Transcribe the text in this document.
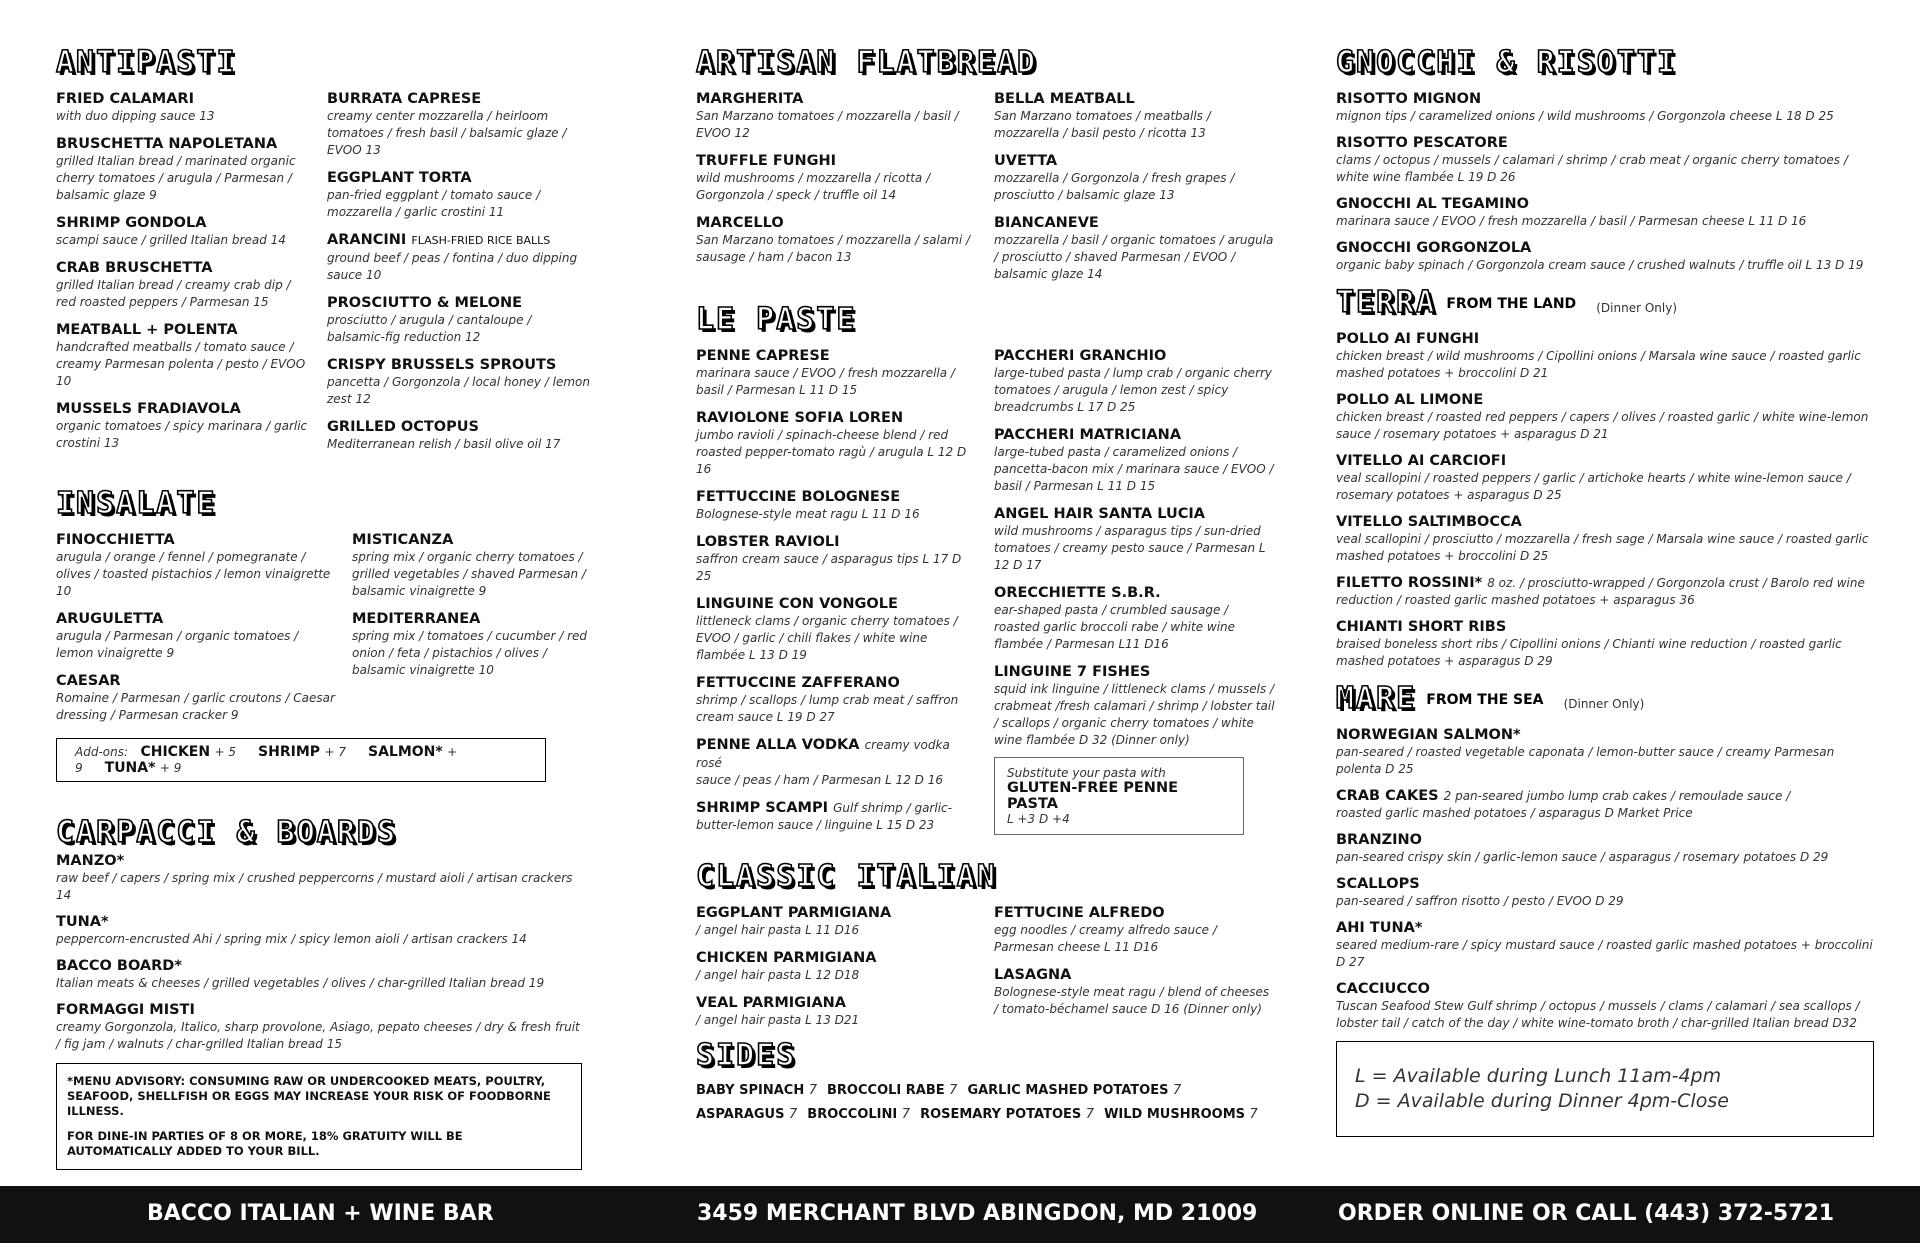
ANTIPASTI
FRIED CALAMARI
with duo dipping sauce 13
BRUSCHETTA NAPOLETANA
grilled Italian bread / marinated organic cherry tomatoes / arugula / Parmesan / balsamic glaze 9
SHRIMP GONDOLA
scampi sauce / grilled Italian bread 14
CRAB BRUSCHETTA
grilled Italian bread / creamy crab dip / red roasted peppers / Parmesan 15
MEATBALL + POLENTA
handcrafted meatballs / tomato sauce / creamy Parmesan polenta / pesto / EVOO 10
MUSSELS FRADIAVOLA
organic tomatoes / spicy marinara / garlic crostini 13
BURRATA CAPRESE
creamy center mozzarella / heirloom tomatoes / fresh basil / balsamic glaze / EVOO 13
EGGPLANT TORTA
pan-fried eggplant / tomato sauce / mozzarella / garlic crostini 11
ARANCINI FLASH-FRIED RICE BALLS
ground beef / peas / fontina / duo dipping sauce 10
PROSCIUTTO & MELONE
prosciutto / arugula / cantaloupe / balsamic-fig reduction 12
CRISPY BRUSSELS SPROUTS
pancetta / Gorgonzola / local honey / lemon zest 12
GRILLED OCTOPUS
Mediterranean relish / basil olive oil 17
INSALATE
FINOCCHIETTA
arugula / orange / fennel / pomegranate / olives / toasted pistachios / lemon vinaigrette 10
ARUGULETTA
arugula / Parmesan / organic tomatoes / lemon vinaigrette 9
CAESAR
Romaine / Parmesan / garlic croutons / Caesar dressing / Parmesan cracker 9
MISTICANZA
spring mix / organic cherry tomatoes / grilled vegetables / shaved Parmesan / balsamic vinaigrette 9
MEDITERRANEA
spring mix / tomatoes / cucumber / red onion / feta / pistachios / olives / balsamic vinaigrette 10
Add-ons: CHICKEN + 5 SHRIMP + 7 SALMON* + 9 TUNA* + 9
CARPACCI & BOARDS
MANZO*
raw beef / capers / spring mix / crushed peppercorns / mustard aioli / artisan crackers 14
TUNA*
peppercorn-encrusted Ahi / spring mix / spicy lemon aioli / artisan crackers 14
BACCO BOARD*
Italian meats & cheeses / grilled vegetables / olives / char-grilled Italian bread 19
FORMAGGI MISTI
creamy Gorgonzola, Italico, sharp provolone, Asiago, pepato cheeses / dry & fresh fruit / fig jam / walnuts / char-grilled Italian bread 15

*MENU ADVISORY: CONSUMING RAW OR UNDERCOOKED MEATS, POULTRY, SEAFOOD, SHELLFISH OR EGGS MAY INCREASE YOUR RISK OF FOODBORNE ILLNESS.

FOR DINE-IN PARTIES OF 8 OR MORE, 18% GRATUITY WILL BE AUTOMATICALLY ADDED TO YOUR BILL.

ARTISAN FLATBREAD
MARGHERITA
San Marzano tomatoes / mozzarella / basil / EVOO 12
TRUFFLE FUNGHI
wild mushrooms / mozzarella / ricotta / Gorgonzola / speck / truffle oil 14
MARCELLO
San Marzano tomatoes / mozzarella / salami / sausage / ham / bacon 13
BELLA MEATBALL
San Marzano tomatoes / meatballs / mozzarella / basil pesto / ricotta 13
UVETTA
mozzarella / Gorgonzola / fresh grapes / prosciutto / balsamic glaze 13
BIANCANEVE
mozzarella / basil / organic tomatoes / arugula / prosciutto / shaved Parmesan / EVOO / balsamic glaze 14
LE PASTE
PENNE CAPRESE
marinara sauce / EVOO / fresh mozzarella / basil / Parmesan L 11 D 15
RAVIOLONE SOFIA LOREN
jumbo ravioli / spinach-cheese blend / red roasted pepper-tomato ragù / arugula L 12 D 16
FETTUCCINE BOLOGNESE
Bolognese-style meat ragu L 11 D 16
LOBSTER RAVIOLI
saffron cream sauce / asparagus tips L 17 D 25
LINGUINE CON VONGOLE
littleneck clams / organic cherry tomatoes / EVOO / garlic / chili flakes / white wine flambée L 13 D 19
FETTUCCINE ZAFFERANO
shrimp / scallops / lump crab meat / saffron cream sauce L 19 D 27
PENNE ALLA VODKA creamy vodka rosé
sauce / peas / ham / Parmesan L 12 D 16
SHRIMP SCAMPI Gulf shrimp / garlic-
butter-lemon sauce / linguine L 15 D 23
PACCHERI GRANCHIO
large-tubed pasta / lump crab / organic cherry tomatoes / arugula / lemon zest / spicy breadcrumbs L 17 D 25
PACCHERI MATRICIANA
large-tubed pasta / caramelized onions / pancetta-bacon mix / marinara sauce / EVOO / basil / Parmesan L 11 D 15
ANGEL HAIR SANTA LUCIA
wild mushrooms / asparagus tips / sun-dried tomatoes / creamy pesto sauce / Parmesan L 12 D 17
ORECCHIETTE S.B.R.
ear-shaped pasta / crumbled sausage / roasted garlic broccoli rabe / white wine flambée / Parmesan L11 D16
LINGUINE 7 FISHES
squid ink linguine / littleneck clams / mussels / crabmeat /fresh calamari / shrimp / lobster tail / scallops / organic cherry tomatoes / white wine flambée D 32 (Dinner only)
Substitute your pasta with
GLUTEN-FREE PENNE PASTA
L +3 D +4
CLASSIC ITALIAN
EGGPLANT PARMIGIANA
/ angel hair pasta L 11 D16
CHICKEN PARMIGIANA
/ angel hair pasta L 12 D18
VEAL PARMIGIANA
/ angel hair pasta L 13 D21
FETTUCINE ALFREDO
egg noodles / creamy alfredo sauce / Parmesan cheese L 11 D16
LASAGNA
Bolognese-style meat ragu / blend of cheeses / tomato-béchamel sauce D 16 (Dinner only)
SIDES
BABY SPINACH 7 BROCCOLI RABE 7 GARLIC MASHED POTATOES 7
ASPARAGUS 7 BROCCOLINI 7 ROSEMARY POTATOES 7 WILD MUSHROOMS 7
GNOCCHI & RISOTTI
RISOTTO MIGNON
mignon tips / caramelized onions / wild mushrooms / Gorgonzola cheese L 18 D 25
RISOTTO PESCATORE
clams / octopus / mussels / calamari / shrimp / crab meat / organic cherry tomatoes / white wine flambée L 19 D 26
GNOCCHI AL TEGAMINO
marinara sauce / EVOO / fresh mozzarella / basil / Parmesan cheese L 11 D 16
GNOCCHI GORGONZOLA
organic baby spinach / Gorgonzola cream sauce / crushed walnuts / truffle oil L 13 D 19
TERRA FROM THE LAND (Dinner Only)
POLLO AI FUNGHI
chicken breast / wild mushrooms / Cipollini onions / Marsala wine sauce / roasted garlic mashed potatoes + broccolini D 21
POLLO AL LIMONE
chicken breast / roasted red peppers / capers / olives / roasted garlic / white wine-lemon sauce / rosemary potatoes + asparagus D 21
VITELLO AI CARCIOFI
veal scallopini / roasted peppers / garlic / artichoke hearts / white wine-lemon sauce / rosemary potatoes + asparagus D 25
VITELLO SALTIMBOCCA
veal scallopini / prosciutto / mozzarella / fresh sage / Marsala wine sauce / roasted garlic mashed potatoes + broccolini D 25
FILETTO ROSSINI* 8 oz. / prosciutto-wrapped / Gorgonzola crust / Barolo red wine
reduction / roasted garlic mashed potatoes + asparagus 36
CHIANTI SHORT RIBS
braised boneless short ribs / Cipollini onions / Chianti wine reduction / roasted garlic mashed potatoes + asparagus D 29
MARE FROM THE SEA (Dinner Only)
NORWEGIAN SALMON*
pan-seared / roasted vegetable caponata / lemon-butter sauce / creamy Parmesan polenta D 25
CRAB CAKES 2 pan-seared jumbo lump crab cakes / remoulade sauce /
roasted garlic mashed potatoes / asparagus D Market Price
BRANZINO
pan-seared crispy skin / garlic-lemon sauce / asparagus / rosemary potatoes D 29
SCALLOPS
pan-seared / saffron risotto / pesto / EVOO D 29
AHI TUNA*
seared medium-rare / spicy mustard sauce / roasted garlic mashed potatoes + broccolini D 27
CACCIUCCO
Tuscan Seafood Stew Gulf shrimp / octopus / mussels / clams / calamari / sea scallops / lobster tail / catch of the day / white wine-tomato broth / char-grilled Italian bread D32
L = Available during Lunch 11am-4pm
D = Available during Dinner 4pm-Close
BACCO ITALIAN + WINE BAR	3459 MERCHANT BLVD ABINGDON, MD 21009	ORDER ONLINE OR CALL (443) 372-5721
